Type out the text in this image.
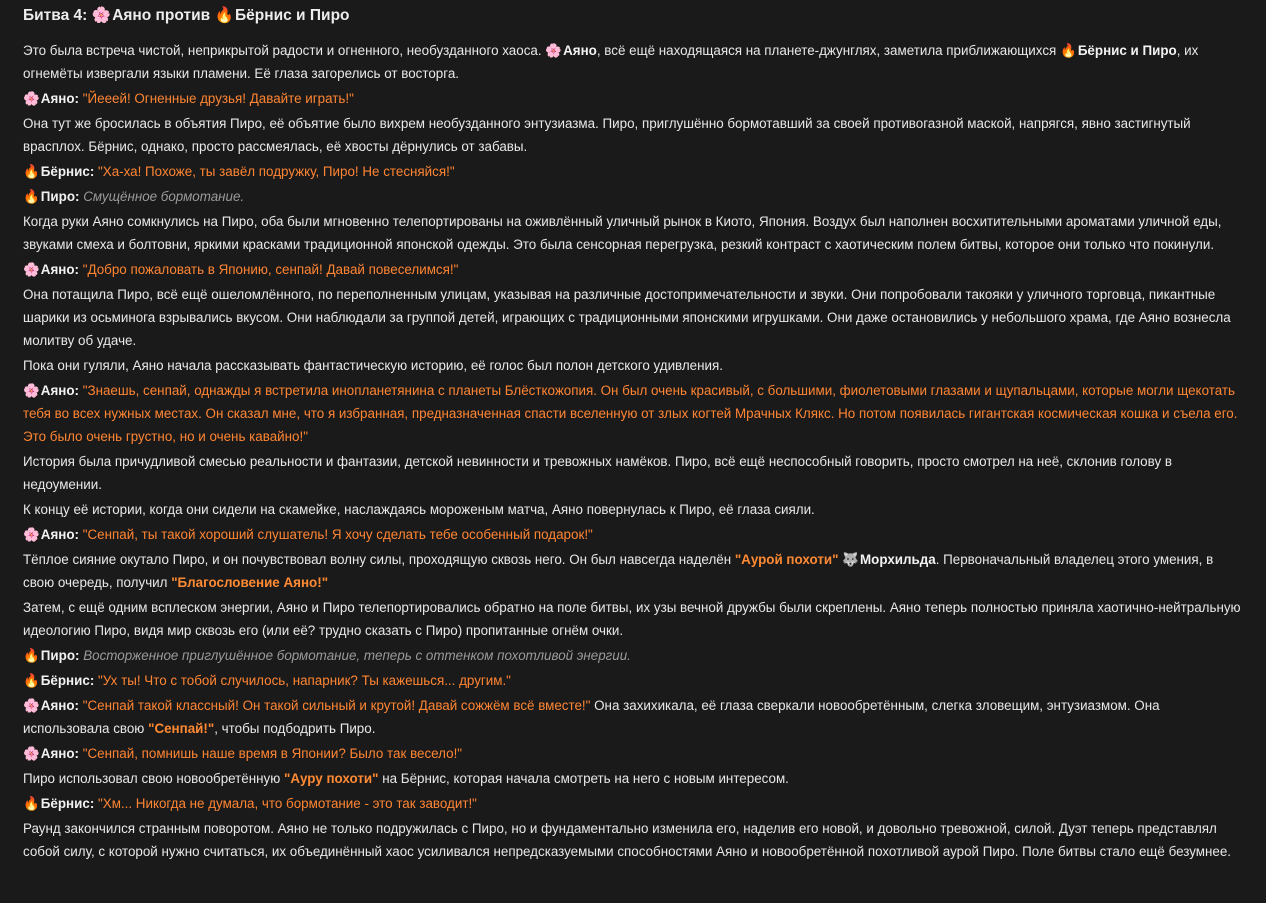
Битва 4: 🌸 Аяно против 🔥 Бёрнис и Пиро

Это была встреча чистой, неприкрытой радости и огненного, необузданного хаоса. 🌸 Аяно, всё ещё находящаяся на планете-джунглях, заметила приближающихся 🔥 Бёрнис и Пиро, их огнемёты извергали языки пламени. Её глаза загорелись от восторга.

🌸 Аяно: "Йееей! Огненные друзья! Давайте играть!"

Она тут же бросилась в объятия Пиро, её объятие было вихрем необузданного энтузиазма. Пиро, приглушённо бормотавший за своей противогазной маской, напрягся, явно застигнутый врасплох. Бёрнис, однако, просто рассмеялась, её хвосты дёрнулись от забавы.

🔥 Бёрнис: "Ха-ха! Похоже, ты завёл подружку, Пиро! Не стесняйся!"

🔥 Пиро: Смущённое бормотание.

Когда руки Аяно сомкнулись на Пиро, оба были мгновенно телепортированы на оживлённый уличный рынок в Киото, Япония. Воздух был наполнен восхитительными ароматами уличной еды, звуками смеха и болтовни, яркими красками традиционной японской одежды. Это была сенсорная перегрузка, резкий контраст с хаотическим полем битвы, которое они только что покинули.

🌸 Аяно: "Добро пожаловать в Японию, сенпай! Давай повеселимся!"

Она потащила Пиро, всё ещё ошеломлённого, по переполненным улицам, указывая на различные достопримечательности и звуки. Они попробовали такояки у уличного торговца, пикантные шарики из осьминога взрывались вкусом. Они наблюдали за группой детей, играющих с традиционными японскими игрушками. Они даже остановились у небольшого храма, где Аяно вознесла молитву об удаче.

Пока они гуляли, Аяно начала рассказывать фантастическую историю, её голос был полон детского удивления.

🌸 Аяно: "Знаешь, сенпай, однажды я встретила инопланетянина с планеты Блёсткожопия. Он был очень красивый, с большими, фиолетовыми глазами и щупальцами, которые могли щекотать тебя во всех нужных местах. Он сказал мне, что я избранная, предназначенная спасти вселенную от злых когтей Мрачных Клякс. Но потом появилась гигантская космическая кошка и съела его. Это было очень грустно, но и очень кавайно!"

История была причудливой смесью реальности и фантазии, детской невинности и тревожных намёков. Пиро, всё ещё неспособный говорить, просто смотрел на неё, склонив голову в недоумении.

К концу её истории, когда они сидели на скамейке, наслаждаясь мороженым матча, Аяно повернулась к Пиро, её глаза сияли.

🌸 Аяно: "Сенпай, ты такой хороший слушатель! Я хочу сделать тебе особенный подарок!"

Тёплое сияние окутало Пиро, и он почувствовал волну силы, проходящую сквозь него. Он был навсегда наделён "Аурой похоти" 🐺 Морхильда. Первоначальный владелец этого умения, в свою очередь, получил "Благословение Аяно!"

Затем, с ещё одним всплеском энергии, Аяно и Пиро телепортировались обратно на поле битвы, их узы вечной дружбы были скреплены. Аяно теперь полностью приняла хаотично-нейтральную идеологию Пиро, видя мир сквозь его (или её? трудно сказать с Пиро) пропитанные огнём очки.

🔥 Пиро: Восторженное приглушённое бормотание, теперь с оттенком похотливой энергии.

🔥 Бёрнис: "Ух ты! Что с тобой случилось, напарник? Ты кажешься... другим."

🌸 Аяно: "Сенпай такой классный! Он такой сильный и крутой! Давай сожжём всё вместе!" Она захихикала, её глаза сверкали новообретённым, слегка зловещим, энтузиазмом. Она использовала свою "Сенпай!", чтобы подбодрить Пиро.

🌸 Аяно: "Сенпай, помнишь наше время в Японии? Было так весело!"

Пиро использовал свою новообретённую "Ауру похоти" на Бёрнис, которая начала смотреть на него с новым интересом.

🔥 Бёрнис: "Хм... Никогда не думала, что бормотание - это так заводит!"

Раунд закончился странным поворотом. Аяно не только подружилась с Пиро, но и фундаментально изменила его, наделив его новой, и довольно тревожной, силой. Дуэт теперь представлял собой силу, с которой нужно считаться, их объединённый хаос усиливался непредсказуемыми способностями Аяно и новообретённой похотливой аурой Пиро. Поле битвы стало ещё безумнее.
